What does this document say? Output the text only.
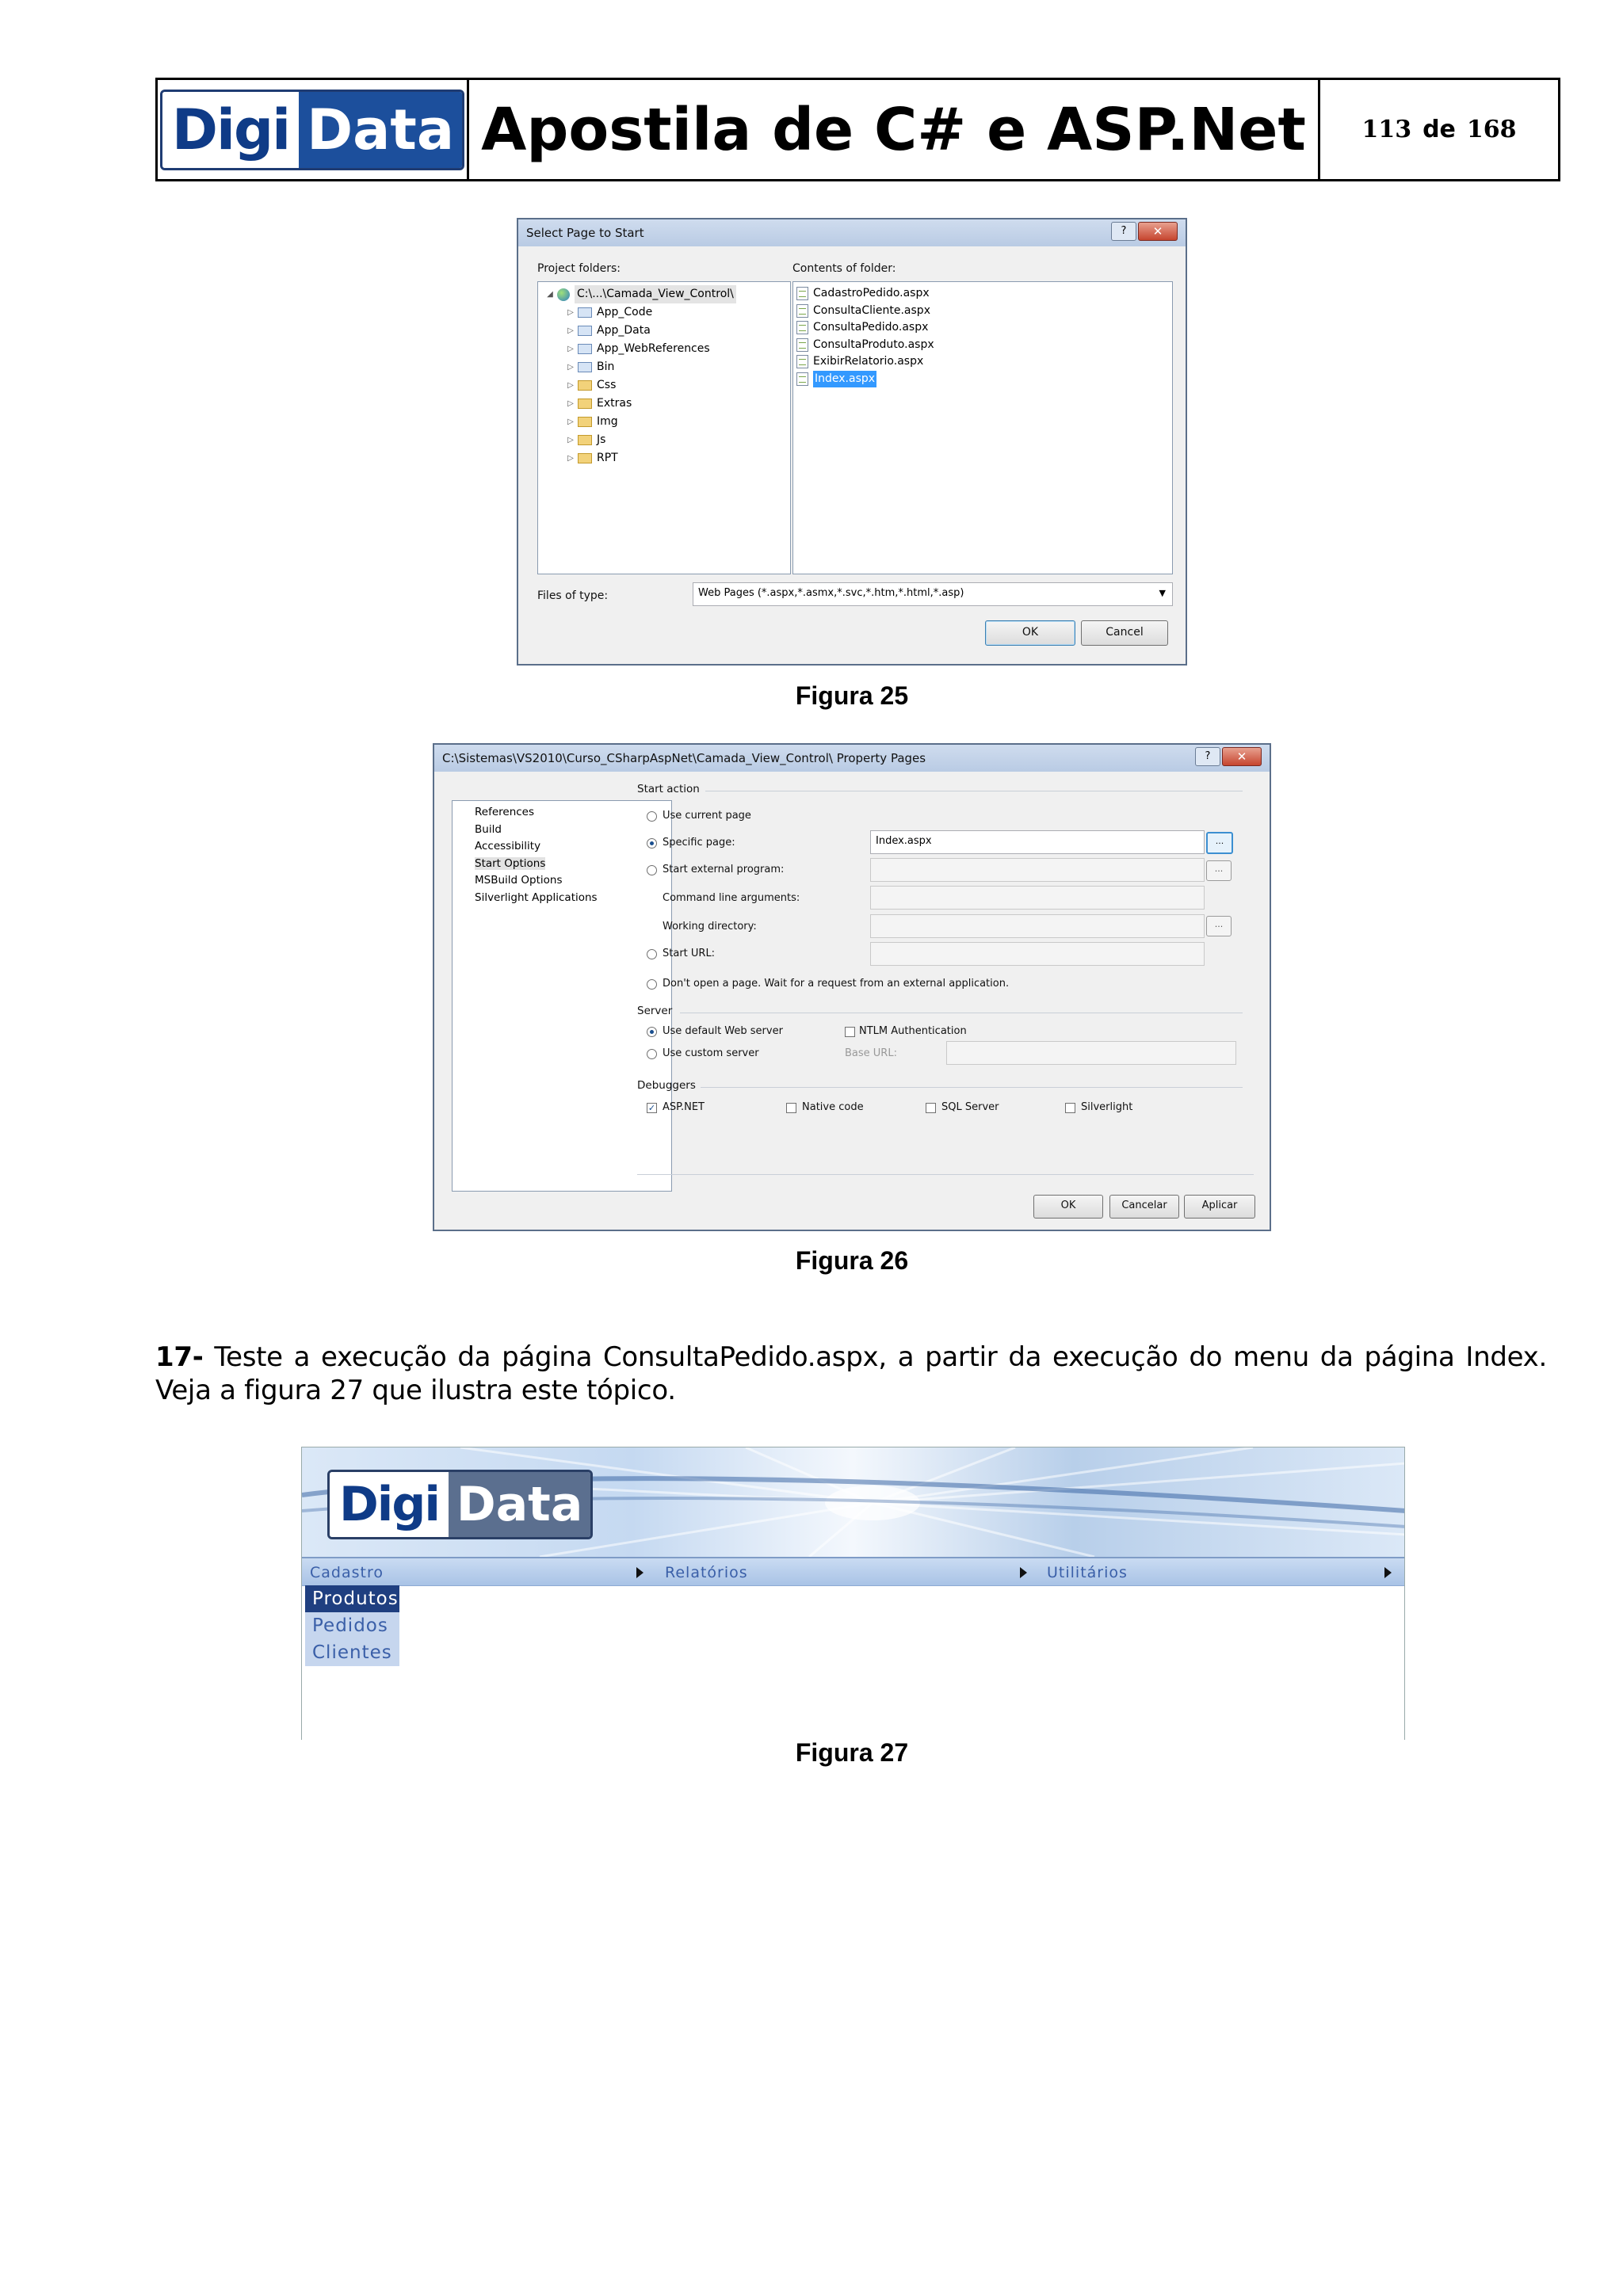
Digi Data Apostila de C# e ASP.Net	113 de 168
Select Page to Start	?	✕
Project folders:	Contents of folder:
◢	C:\...\Camada_View_Control\
▷	App_Code
▷	App_Data
▷	App_WebReferences
▷	Bin
▷	Css
▷	Extras
▷	Img
▷	Js
▷	RPT
CadastroPedido.aspx
ConsultaCliente.aspx
ConsultaPedido.aspx
ConsultaProduto.aspx
ExibirRelatorio.aspx
Index.aspx
Files of type:	Web Pages (*.aspx,*.asmx,*.svc,*.htm,*.html,*.asp)	▼
OK	Cancel
Figura 25
C:\Sistemas\VS2010\Curso_CSharpAspNet\Camada_View_Control\ Property Pages	?	✕
References
Build
Accessibility
Start Options
MSBuild Options
Silverlight Applications
Start action
Use current page
Specific page:	Index.aspx	...
Start external program:	...
Command line arguments:
Working directory:	...
Start URL:
Don't open a page. Wait for a request from an external application.
Server
Use default Web server	NTLM Authentication
Use custom server	Base URL:
Debuggers
✓ ASP.NET	Native code	SQL Server	Silverlight
OK	Cancelar	Aplicar
Figura 26
17- Teste a execução da página ConsultaPedido.aspx, a partir da execução do menu da página Index. Veja a figura 27 que ilustra este tópico.
Digi Data
Cadastro	Relatórios	Utilitários
Produtos
Pedidos
Clientes
Figura 27
